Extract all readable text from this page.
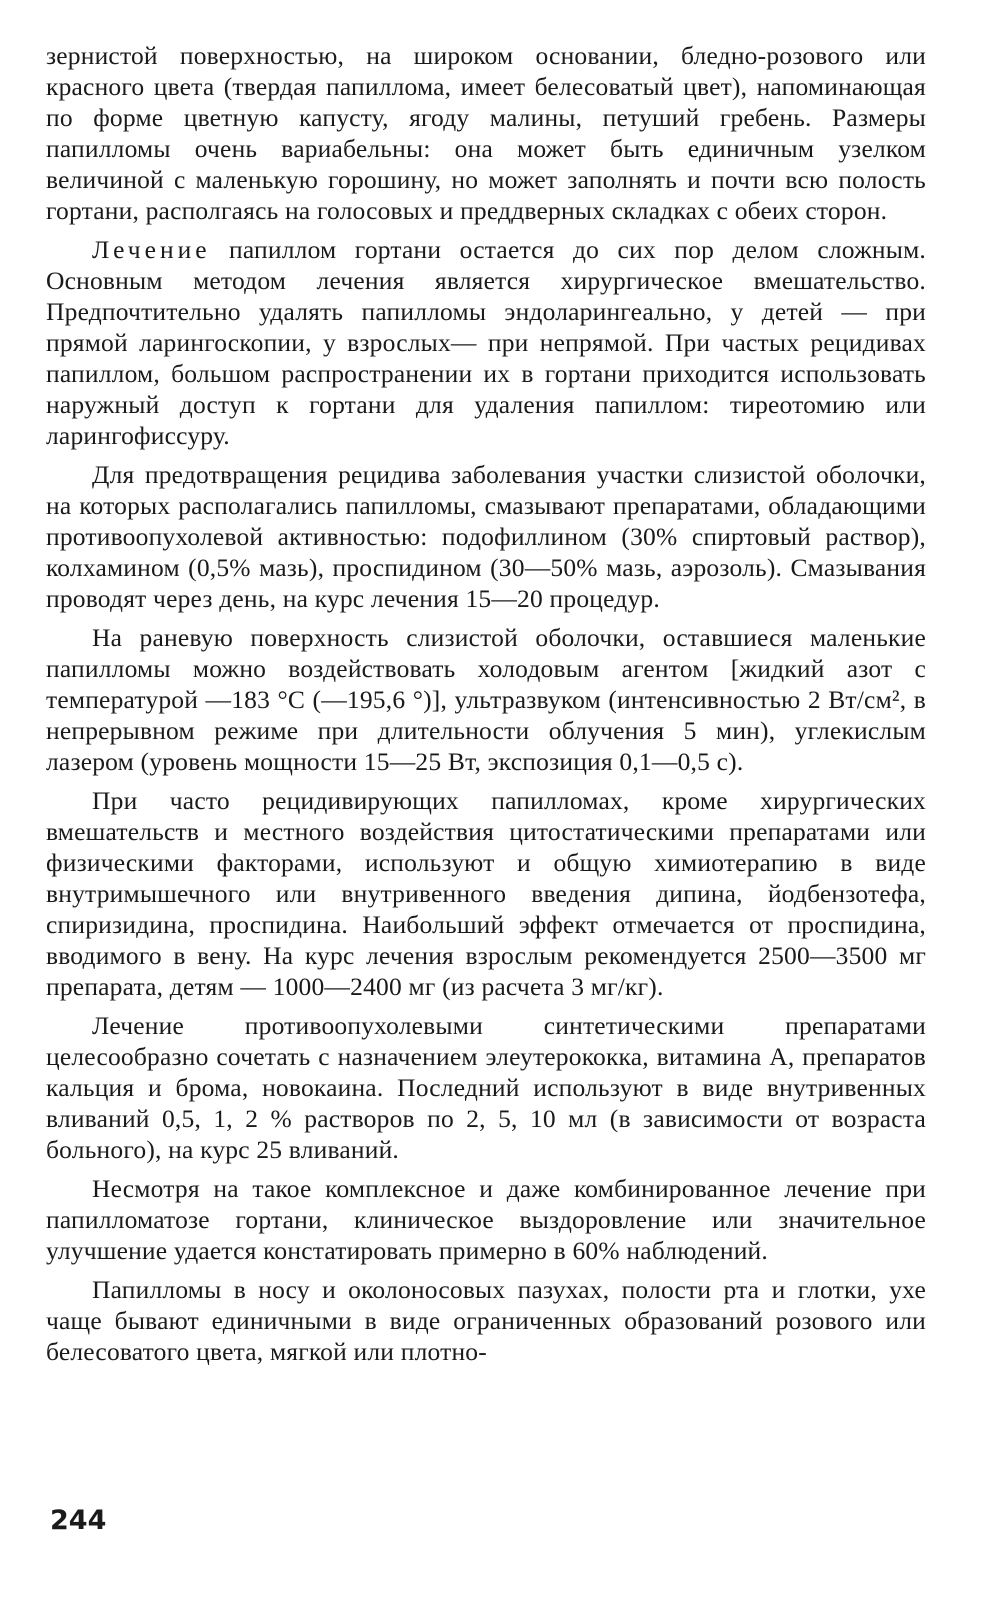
зернистой поверхностью, на широком основании, бледно-розового или красного цвета (твердая папиллома, имеет белесоватый цвет), напоминающая по форме цветную капусту, ягоду малины, петуший гребень. Размеры папилломы очень вариабельны: она может быть единичным узелком величиной с маленькую горошину, но может заполнять и почти всю полость гортани, располгаясь на голосовых и преддверных складках с обеих сторон.

Лечение папиллом гортани остается до сих пор делом сложным. Основным методом лечения является хирургическое вмешательство. Предпочтительно удалять папилломы эндоларингеально, у детей — при прямой ларингоскопии, у взрослых— при непрямой. При частых рецидивах папиллом, большом распространении их в гортани приходится использовать наружный доступ к гортани для удаления папиллом: тиреотомию или ларингофиссуру.

Для предотвращения рецидива заболевания участки слизистой оболочки, на которых располагались папилломы, смазывают препаратами, обладающими противоопухолевой активностью: подофиллином (30% спиртовый раствор), колхамином (0,5% мазь), проспидином (30—50% мазь, аэрозоль). Смазывания проводят через день, на курс лечения 15—20 процедур.

На раневую поверхность слизистой оболочки, оставшиеся маленькие папилломы можно воздействовать холодовым агентом [жидкий азот с температурой —183 °С (—195,6 °)], ультразвуком (интенсивностью 2 Вт/см², в непрерывном режиме при длительности облучения 5 мин), углекислым лазером (уровень мощности 15—25 Вт, экспозиция 0,1—0,5 с).

При часто рецидивирующих папилломах, кроме хирургических вмешательств и местного воздействия цитостатическими препаратами или физическими факторами, используют и общую химиотерапию в виде внутримышечного или внутривенного введения дипина, йодбензотефа, спиризидина, проспидина. Наибольший эффект отмечается от проспидина, вводимого в вену. На курс лечения взрослым рекомендуется 2500—3500 мг препарата, детям — 1000—2400 мг (из расчета 3 мг/кг).

Лечение противоопухолевыми синтетическими препаратами целесообразно сочетать с назначением элеутерококка, витамина А, препаратов кальция и брома, новокаина. Последний используют в виде внутривенных вливаний 0,5, 1, 2 % растворов по 2, 5, 10 мл (в зависимости от возраста больного), на курс 25 вливаний.

Несмотря на такое комплексное и даже комбинированное лечение при папилломатозе гортани, клиническое выздоровление или значительное улучшение удается констатировать примерно в 60% наблюдений.

Папилломы в носу и околоносовых пазухах, полости рта и глотки, ухе чаще бывают единичными в виде ограниченных образований розового или белесоватого цвета, мягкой или плотно-

244
